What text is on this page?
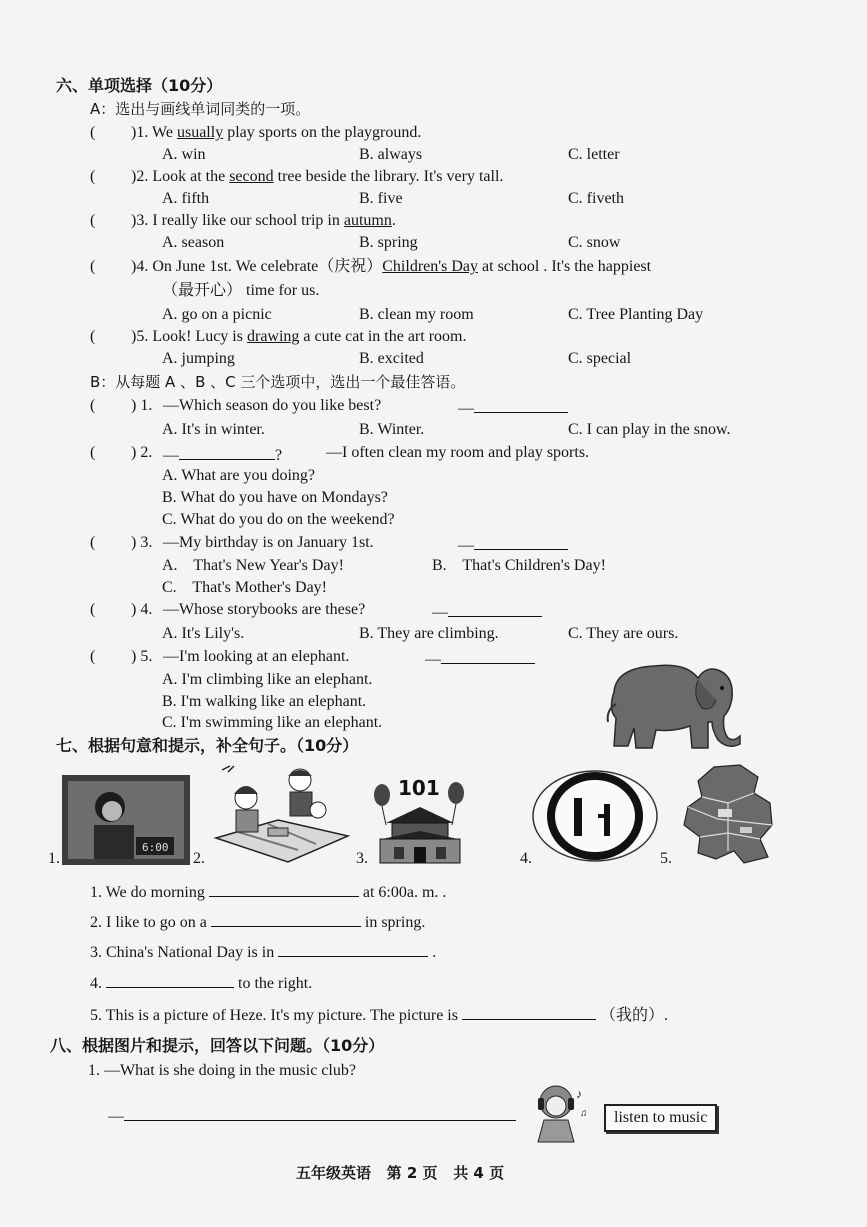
六、单项选择（10分）
A：选出与画线单词同类的一项。
( )1. We usually play sports on the playground.
A. win	B. always	C. letter
( )2. Look at the second tree beside the library. It's very tall.
A. fifth	B. five	C. fiveth
( )3. I really like our school trip in autumn.
A. season	B. spring	C. snow
( )4. On June 1st. We celebrate（庆祝）Children's Day at school . It's the happiest
（最开心） time for us.
A. go on a picnic	B. clean my room	C. Tree Planting Day
( )5. Look! Lucy is drawing a cute cat in the art room.
A. jumping	B. excited	C. special
B：从每题 A 、B 、C 三个选项中，选出一个最佳答语。
( ) 1. —Which season do you like best?	—
A. It's in winter.	B. Winter.	C. I can play in the snow.
( ) 2. —	?	—I often clean my room and play sports.
A. What are you doing?
B. What do you have on Mondays?
C. What do you do on the weekend?
( ) 3. —My birthday is on January 1st.	—
A.    That's New Year's Day!	B.    That's Children's Day!
C.    That's Mother's Day!
( ) 4. —Whose storybooks are these?	—
A. It's Lily's.	B. They are climbing.	C. They are ours.
( ) 5. —I'm looking at an elephant.	—
A. I'm climbing like an elephant.
B. I'm walking like an elephant.
C. I'm swimming like an elephant.
七、根据句意和提示，补全句子。（10分）
6:00
1.	2.
101
3.	4.	5.
1. We do morning	at 6:00a. m. .
2. I like to go on a	in spring.
3. China's National Day is in	.
4.	to the right.
5. This is a picture of Heze. It's my picture. The picture is	（我的）.
八、根据图片和提示，回答以下问题。（10分）
1. —What is she doing in the music club?
—
♪
♫	listen to music
五年级英语   第 2 页   共 4 页
